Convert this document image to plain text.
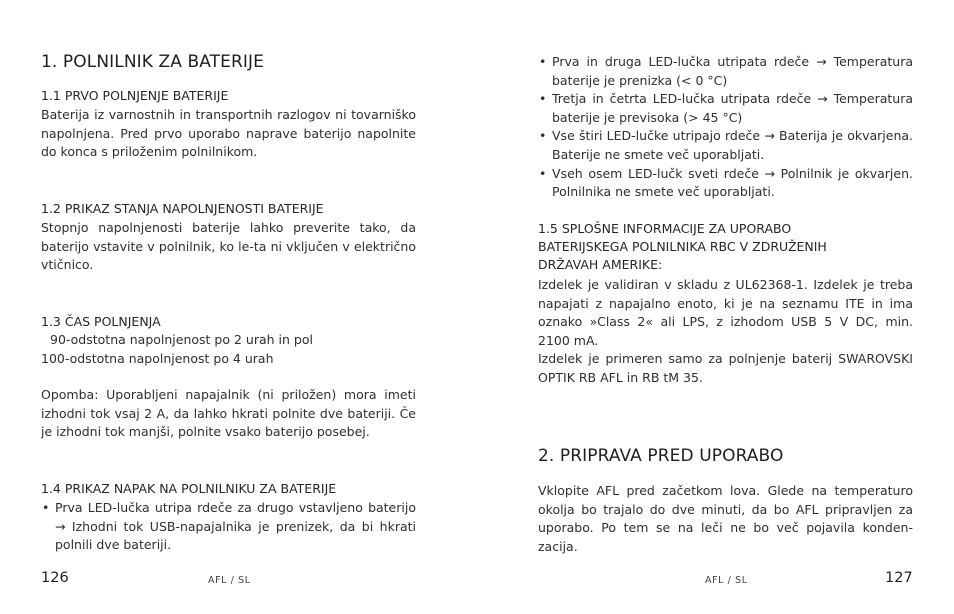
1. POLNILNIK ZA BATERIJE
1.1 PRVO POLNJENJE BATERIJE
Baterija iz varnostnih in transportnih razlogov ni tovarniško
napolnjena. Pred prvo uporabo naprave baterijo napolnite
do konca s priloženim polnilnikom.
1.2 PRIKAZ STANJA NAPOLNJENOSTI BATERIJE
Stopnjo napolnjenosti baterije lahko preverite tako, da
baterijo vstavite v polnilnik, ko le-ta ni vključen v električno
vtičnico.
1.3 ČAS POLNJENJA
90-odstotna napolnjenost po 2 urah in pol
100-odstotna napolnjenost po 4 urah
Opomba: Uporabljeni napajalnik (ni priložen) mora imeti
izhodni tok vsaj 2 A, da lahko hkrati polnite dve bateriji. Če
je izhodni tok manjši, polnite vsako baterijo posebej.
1.4 PRIKAZ NAPAK NA POLNILNIKU ZA BATERIJE
• Prva LED-lučka utripa rdeče za drugo vstavljeno baterijo
→ Izhodni tok USB-napajalnika je prenizek, da bi hkrati
polnili dve bateriji.
126	AFL / SL
• Prva in druga LED-lučka utripata rdeče → Temperatura
baterije je prenizka (< 0 °C)
• Tretja in četrta LED-lučka utripata rdeče → Temperatura
baterije je previsoka (> 45 °C)
• Vse štiri LED-lučke utripajo rdeče → Baterija je okvarjena.
Baterije ne smete več uporabljati.
• Vseh osem LED-lučk sveti rdeče → Polnilnik je okvarjen.
Polnilnika ne smete več uporabljati.
1.5 SPLOŠNE INFORMACIJE ZA UPORABO
BATERIJSKEGA POLNILNIKA RBC V ZDRUŽENIH
DRŽAVAH AMERIKE:
Izdelek je validiran v skladu z UL62368-1. Izdelek je treba
napajati z napajalno enoto, ki je na seznamu ITE in ima
oznako »Class 2« ali LPS, z izhodom USB 5 V DC, min.
2100 mA.
Izdelek je primeren samo za polnjenje baterij SWAROVSKI
OPTIK RB AFL in RB tM 35.
2. PRIPRAVA PRED UPORABO
Vklopite AFL pred začetkom lova. Glede na temperaturo
okolja bo trajalo do dve minuti, da bo AFL pripravljen za
uporabo. Po tem se na leči ne bo več pojavila konden-
zacija.
AFL / SL	127
